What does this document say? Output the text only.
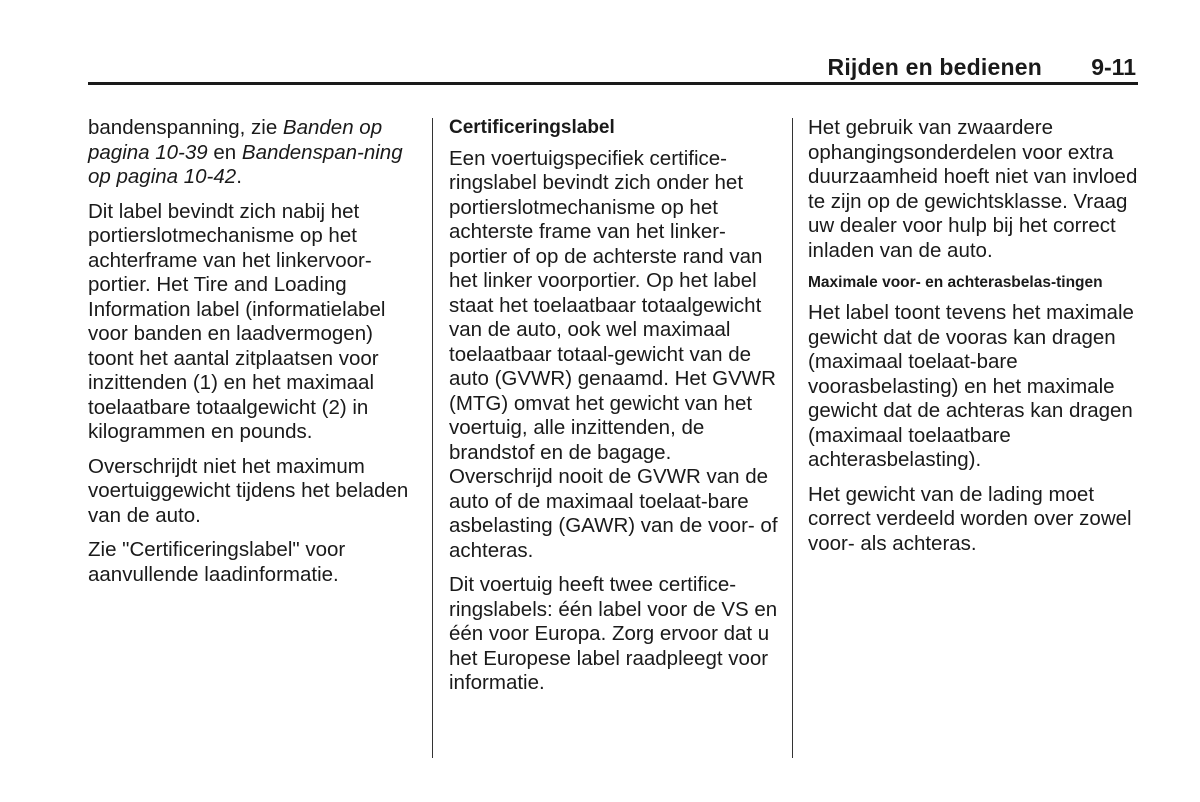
Rijden en bedienen 9-11

bandenspanning, zie Banden op pagina 10-39 en Bandenspan-ning op pagina 10-42.

Dit label bevindt zich nabij het portierslotmechanisme op het achterframe van het linkervoor-portier. Het Tire and Loading Information label (informatielabel voor banden en laadvermogen) toont het aantal zitplaatsen voor inzittenden (1) en het maximaal toelaatbare totaalgewicht (2) in kilogrammen en pounds.

Overschrijdt niet het maximum voertuiggewicht tijdens het beladen van de auto.

Zie "Certificeringslabel" voor aanvullende laadinformatie.

Certificeringslabel

Een voertuigspecifiek certifice-ringslabel bevindt zich onder het portierslotmechanisme op het achterste frame van het linker-portier of op de achterste rand van het linker voorportier. Op het label staat het toelaatbaar totaalgewicht van de auto, ook wel maximaal toelaatbaar totaal-gewicht van de auto (GVWR) genaamd. Het GVWR (MTG) omvat het gewicht van het voertuig, alle inzittenden, de brandstof en de bagage. Overschrijd nooit de GVWR van de auto of de maximaal toelaat-bare asbelasting (GAWR) van de voor- of achteras.

Dit voertuig heeft twee certifice-ringslabels: één label voor de VS en één voor Europa. Zorg ervoor dat u het Europese label raadpleegt voor informatie.

Het gebruik van zwaardere ophangingsonderdelen voor extra duurzaamheid hoeft niet van invloed te zijn op de gewichtsklasse. Vraag uw dealer voor hulp bij het correct inladen van de auto.

Maximale voor- en achterasbelas-tingen

Het label toont tevens het maximale gewicht dat de vooras kan dragen (maximaal toelaat-bare voorasbelasting) en het maximale gewicht dat de achteras kan dragen (maximaal toelaatbare achterasbelasting).

Het gewicht van de lading moet correct verdeeld worden over zowel voor- als achteras.
